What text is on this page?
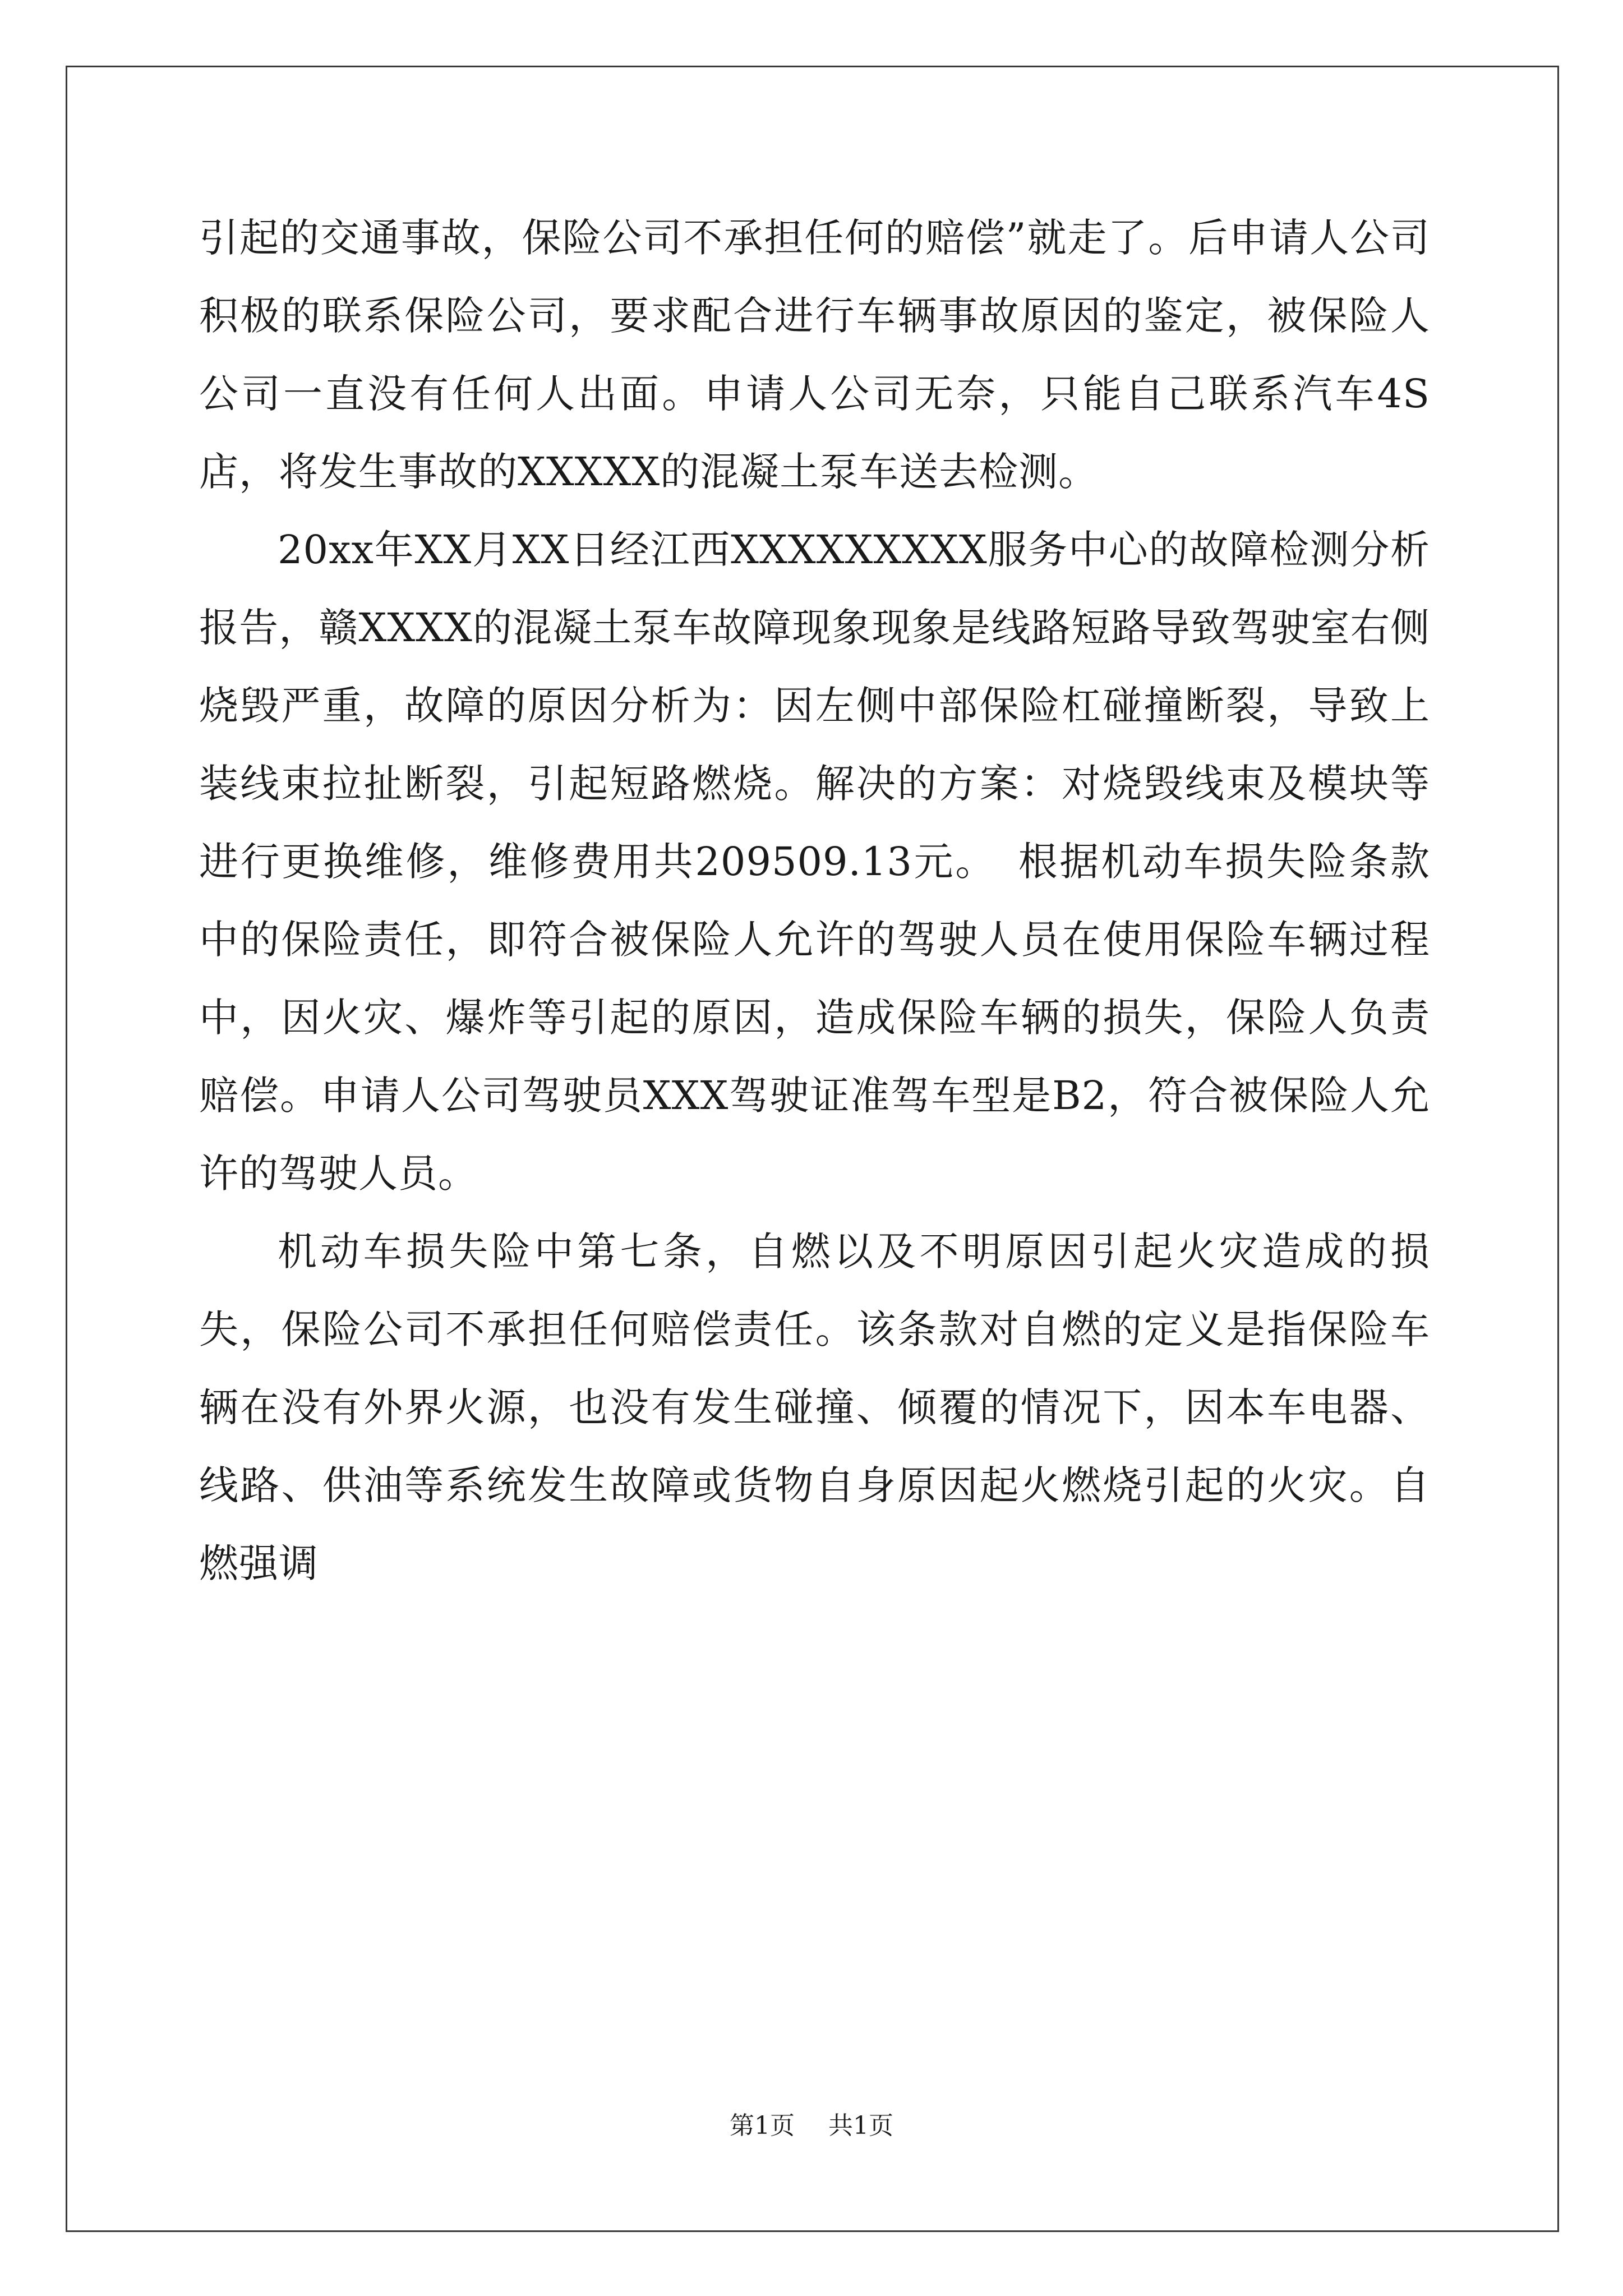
引起的交通事故，保险公司不承担任何的赔偿”就走了。后申请人公司积极的联系保险公司，要求配合进行车辆事故原因的鉴定，被保险人公司一直没有任何人出面。申请人公司无奈，只能自己联系汽车4S店，将发生事故的XXXXX的混凝土泵车送去检测。

20xx年XX月XX日经江西XXXXXXXXX服务中心的故障检测分析报告，赣XXXX的混凝土泵车故障现象现象是线路短路导致驾驶室右侧烧毁严重，故障的原因分析为：因左侧中部保险杠碰撞断裂，导致上装线束拉扯断裂，引起短路燃烧。解决的方案：对烧毁线束及模块等进行更换维修，维修费用共209509.13元。　根据机动车损失险条款中的保险责任，即符合被保险人允许的驾驶人员在使用保险车辆过程中，因火灾、爆炸等引起的原因，造成保险车辆的损失，保险人负责赔偿。申请人公司驾驶员XXX驾驶证准驾车型是B2，符合被保险人允许的驾驶人员。

机动车损失险中第七条，自燃以及不明原因引起火灾造成的损失，保险公司不承担任何赔偿责任。该条款对自燃的定义是指保险车辆在没有外界火源，也没有发生碰撞、倾覆的情况下，因本车电器、线路、供油等系统发生故障或货物自身原因起火燃烧引起的火灾。自燃强调

第1页 共1页
